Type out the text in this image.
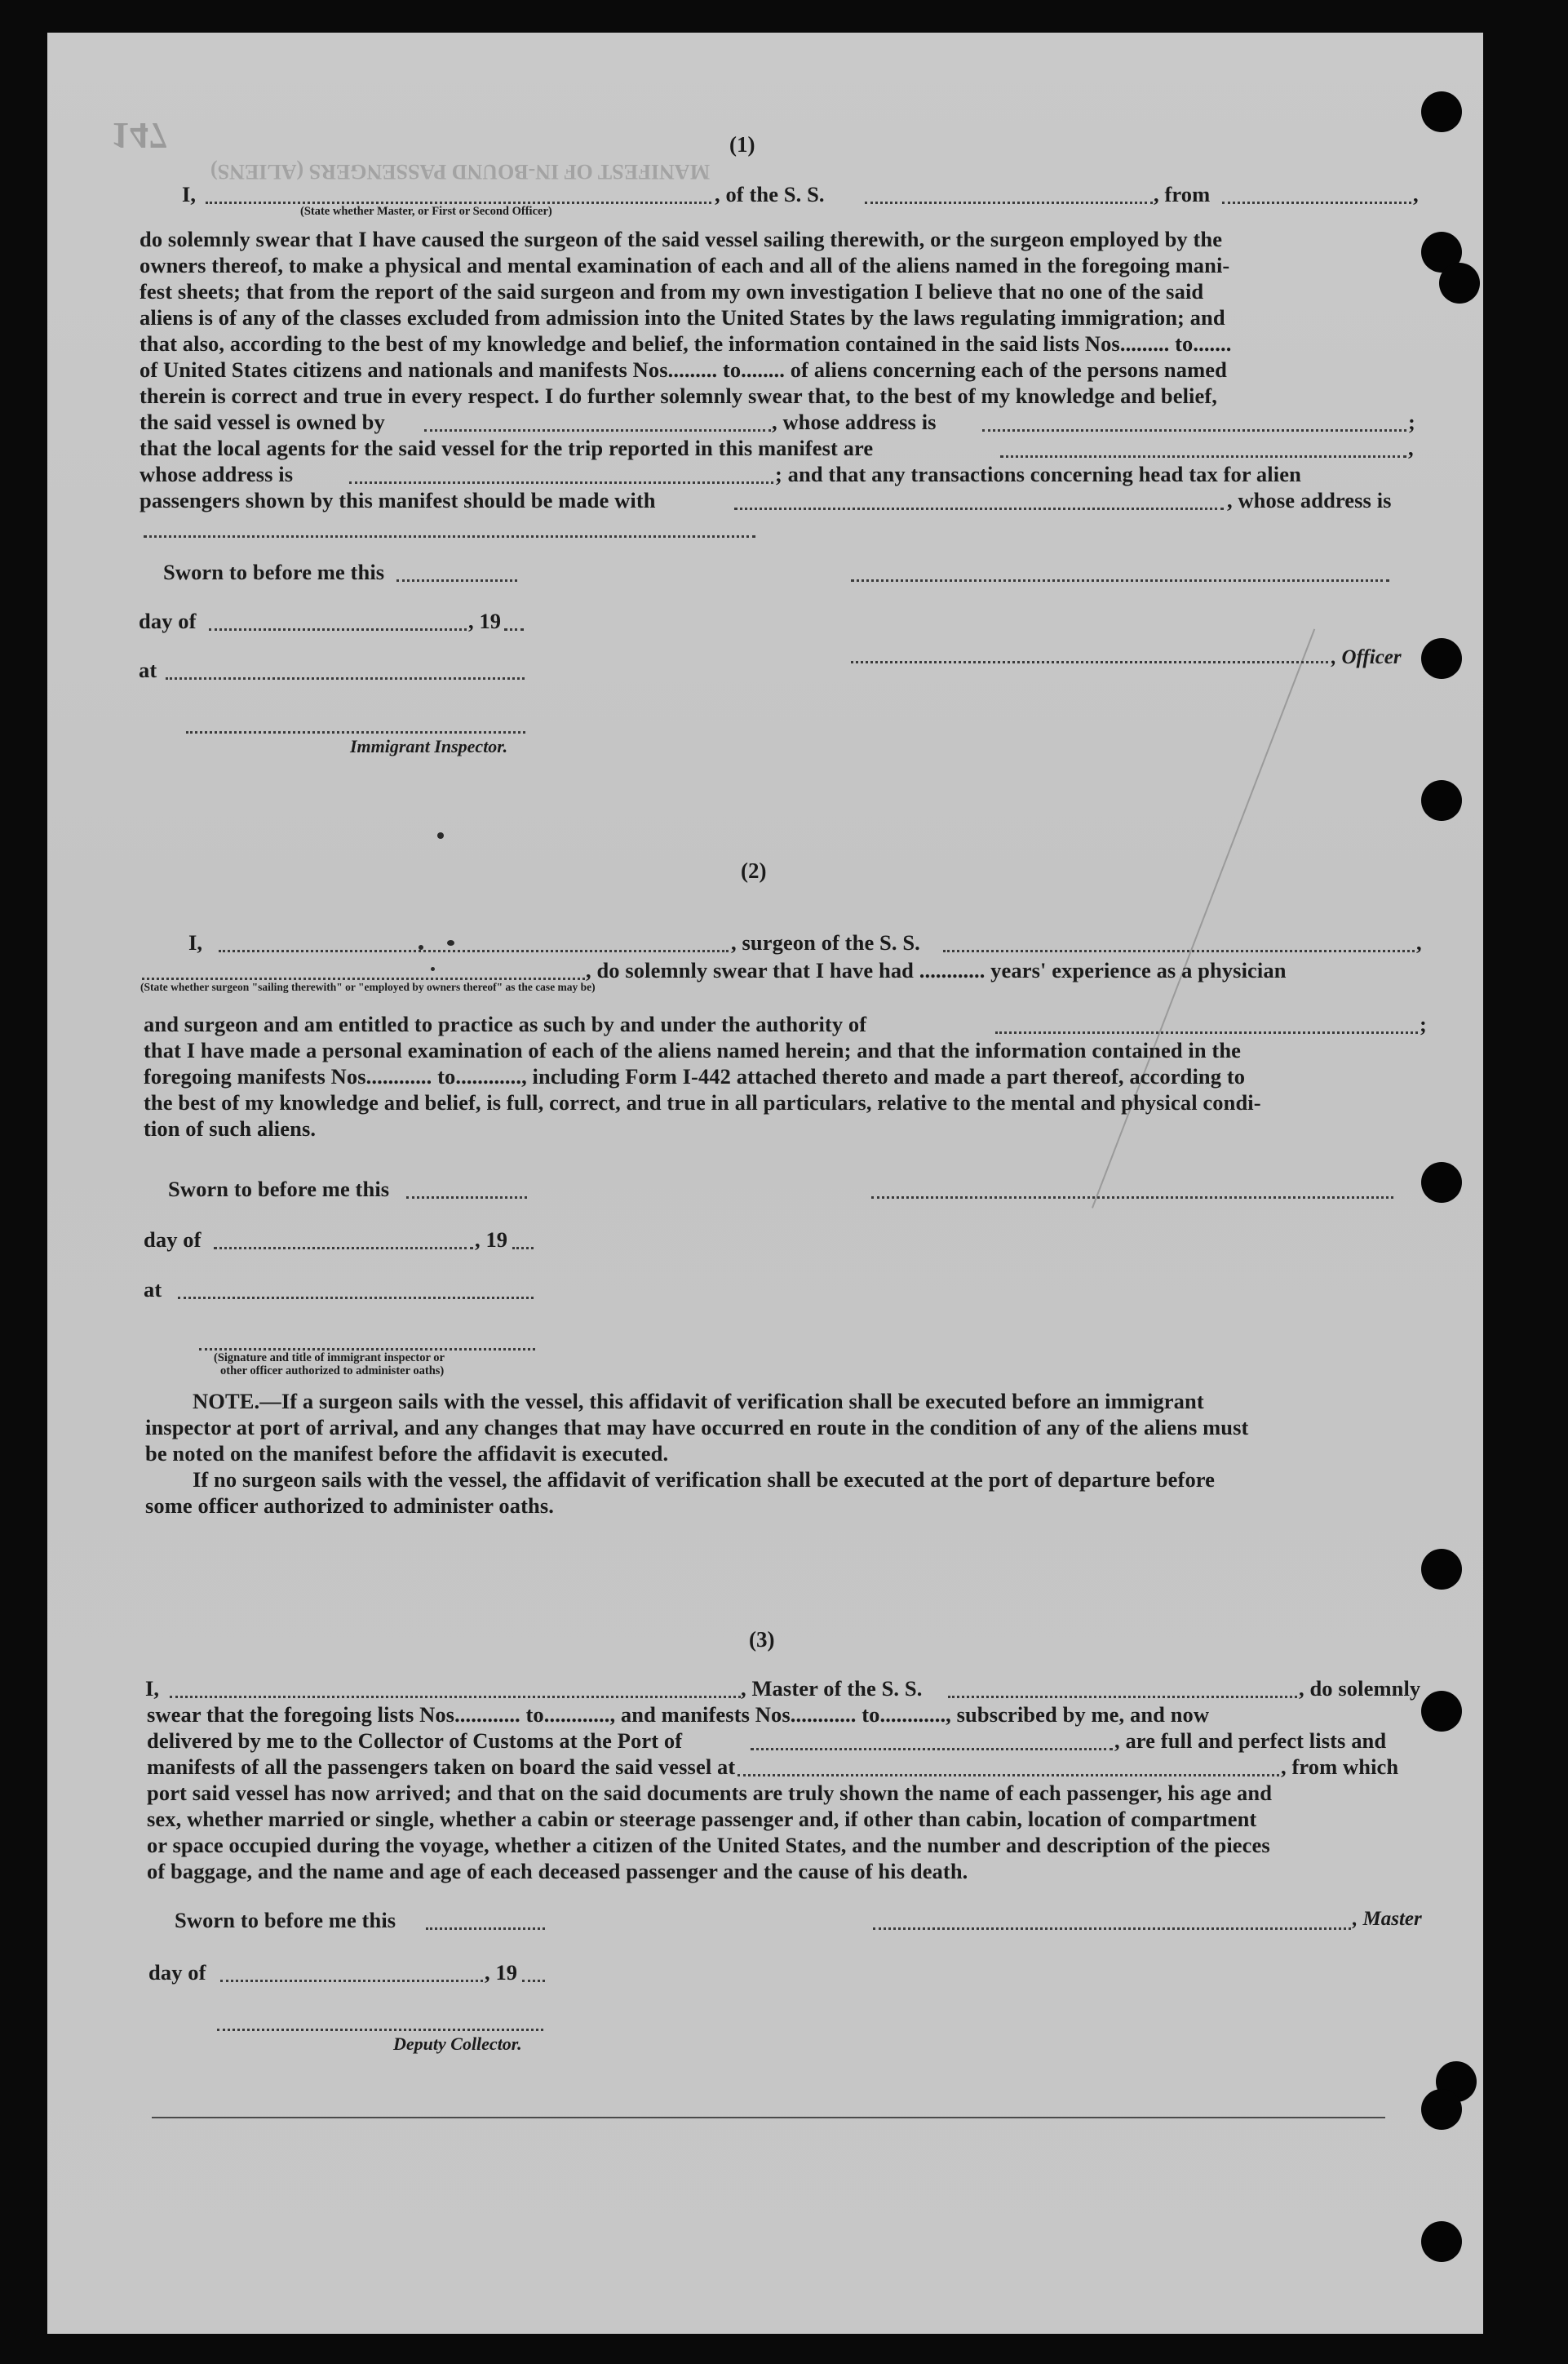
147
MANIFEST OF IN-BOUND PASSENGERS (ALIENS)
(1)
I,	, of the S. S.	, from	,
(State whether Master, or First or Second Officer)
do solemnly swear that I have caused the surgeon of the said vessel sailing therewith, or the surgeon employed by the
owners thereof, to make a physical and mental examination of each and all of the aliens named in the foregoing mani-
fest sheets; that from the report of the said surgeon and from my own investigation I believe that no one of the said
aliens is of any of the classes excluded from admission into the United States by the laws regulating immigration; and
that also, according to the best of my knowledge and belief, the information contained in the said lists Nos......... to.......
of United States citizens and nationals and manifests Nos......... to........ of aliens concerning each of the persons named
therein is correct and true in every respect. I do further solemnly swear that, to the best of my knowledge and belief,
the said vessel is owned by	, whose address is	;
that the local agents for the said vessel for the trip reported in this manifest are	,
whose address is	; and that any transactions concerning head tax for alien
passengers shown by this manifest should be made with	, whose address is
Sworn to before me this
day of	, 19
, Officer
at
Immigrant Inspector.
(2)
I,	, surgeon of the S. S.	,
, do solemnly swear that I have had ............ years' experience as a physician
(State whether surgeon "sailing therewith" or "employed by owners thereof" as the case may be)
and surgeon and am entitled to practice as such by and under the authority of	;
that I have made a personal examination of each of the aliens named herein; and that the information contained in the
foregoing manifests Nos............ to............, including Form I-442 attached thereto and made a part thereof, according to
the best of my knowledge and belief, is full, correct, and true in all particulars, relative to the mental and physical condi-
tion of such aliens.
Sworn to before me this
day of	, 19
at
(Signature and title of immigrant inspector or
other officer authorized to administer oaths)
NOTE.—If a surgeon sails with the vessel, this affidavit of verification shall be executed before an immigrant
inspector at port of arrival, and any changes that may have occurred en route in the condition of any of the aliens must
be noted on the manifest before the affidavit is executed.
If no surgeon sails with the vessel, the affidavit of verification shall be executed at the port of departure before
some officer authorized to administer oaths.
(3)
I,	, Master of the S. S.	, do solemnly
swear that the foregoing lists Nos............ to............, and manifests Nos............ to............, subscribed by me, and now
delivered by me to the Collector of Customs at the Port of	, are full and perfect lists and
manifests of all the passengers taken on board the said vessel at	, from which
port said vessel has now arrived; and that on the said documents are truly shown the name of each passenger, his age and
sex, whether married or single, whether a cabin or steerage passenger and, if other than cabin, location of compartment
or space occupied during the voyage, whether a citizen of the United States, and the number and description of the pieces
of baggage, and the name and age of each deceased passenger and the cause of his death.
Sworn to before me this	, Master
day of	, 19
Deputy Collector.
